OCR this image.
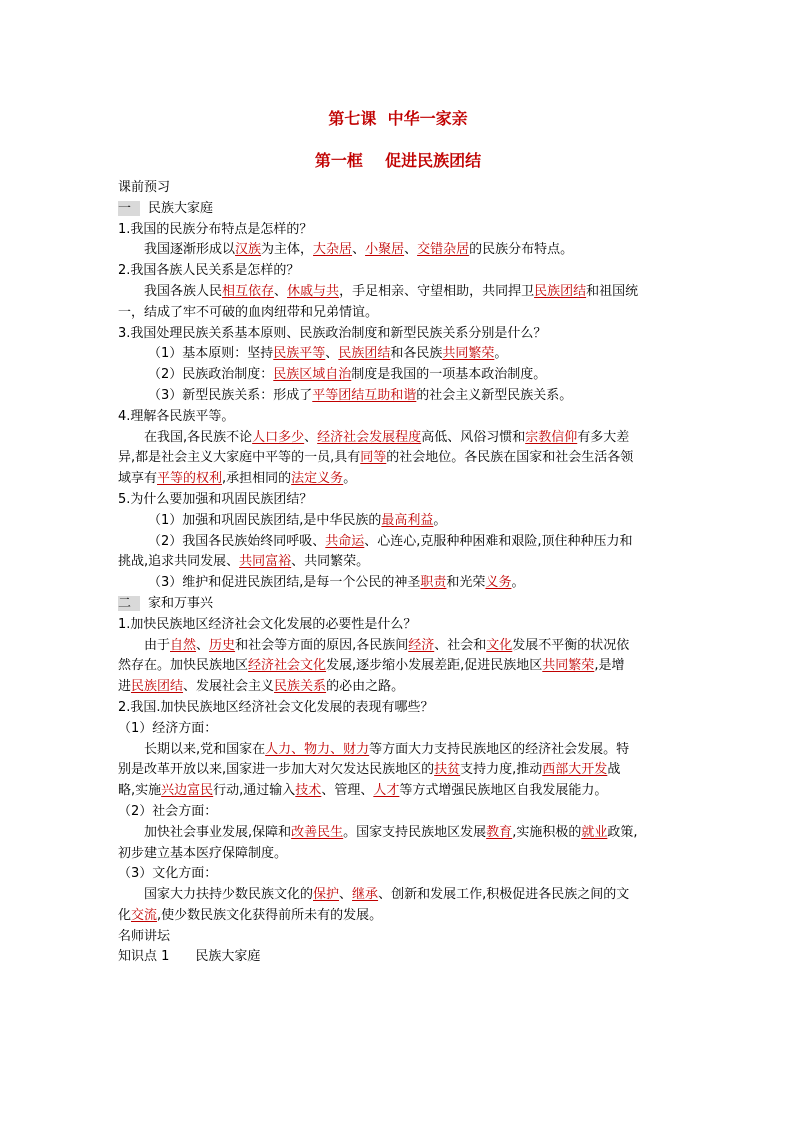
第七课  中华一家亲
第一框    促进民族团结
课前预习
一 民族大家庭
1.我国的民族分布特点是怎样的？
我国逐渐形成以汉族为主体，大杂居、小聚居、交错杂居的民族分布特点。
2.我国各族人民关系是怎样的？
我国各族人民相互依存、休戚与共，手足相亲、守望相助，共同捍卫民族团结和祖国统
一，结成了牢不可破的血肉纽带和兄弟情谊。
3.我国处理民族关系基本原则、民族政治制度和新型民族关系分别是什么？
（1）基本原则：坚持民族平等、民族团结和各民族共同繁荣。
（2）民族政治制度：民族区域自治制度是我国的一项基本政治制度。
（3）新型民族关系：形成了平等团结互助和谐的社会主义新型民族关系。
4.理解各民族平等。
在我国,各民族不论人口多少、经济社会发展程度高低、风俗习惯和宗教信仰有多大差
异,都是社会主义大家庭中平等的一员,具有同等的社会地位。各民族在国家和社会生活各领
域享有平等的权利,承担相同的法定义务。
5.为什么要加强和巩固民族团结？
（1）加强和巩固民族团结,是中华民族的最高利益。
（2）我国各民族始终同呼吸、共命运、心连心,克服种种困难和艰险,顶住种种压力和
挑战,追求共同发展、共同富裕、共同繁荣。
（3）维护和促进民族团结,是每一个公民的神圣职责和光荣义务。
二 家和万事兴
1.加快民族地区经济社会文化发展的必要性是什么？
由于自然、历史和社会等方面的原因,各民族间经济、社会和文化发展不平衡的状况依
然存在。加快民族地区经济社会文化发展,逐步缩小发展差距,促进民族地区共同繁荣,是增
进民族团结、发展社会主义民族关系的必由之路。
2.我国.加快民族地区经济社会文化发展的表现有哪些？
（1）经济方面：
长期以来,党和国家在人力、物力、财力等方面大力支持民族地区的经济社会发展。特
别是改革开放以来,国家进一步加大对欠发达民族地区的扶贫支持力度,推动西部大开发战
略,实施兴边富民行动,通过输入技术、管理、人才等方式增强民族地区自我发展能力。
（2）社会方面：
加快社会事业发展,保障和改善民生。国家支持民族地区发展教育,实施积极的就业政策,
初步建立基本医疗保障制度。
（3）文化方面：
国家大力扶持少数民族文化的保护、继承、创新和发展工作,积极促进各民族之间的文
化交流,使少数民族文化获得前所未有的发展。
名师讲坛
知识点 1 民族大家庭
